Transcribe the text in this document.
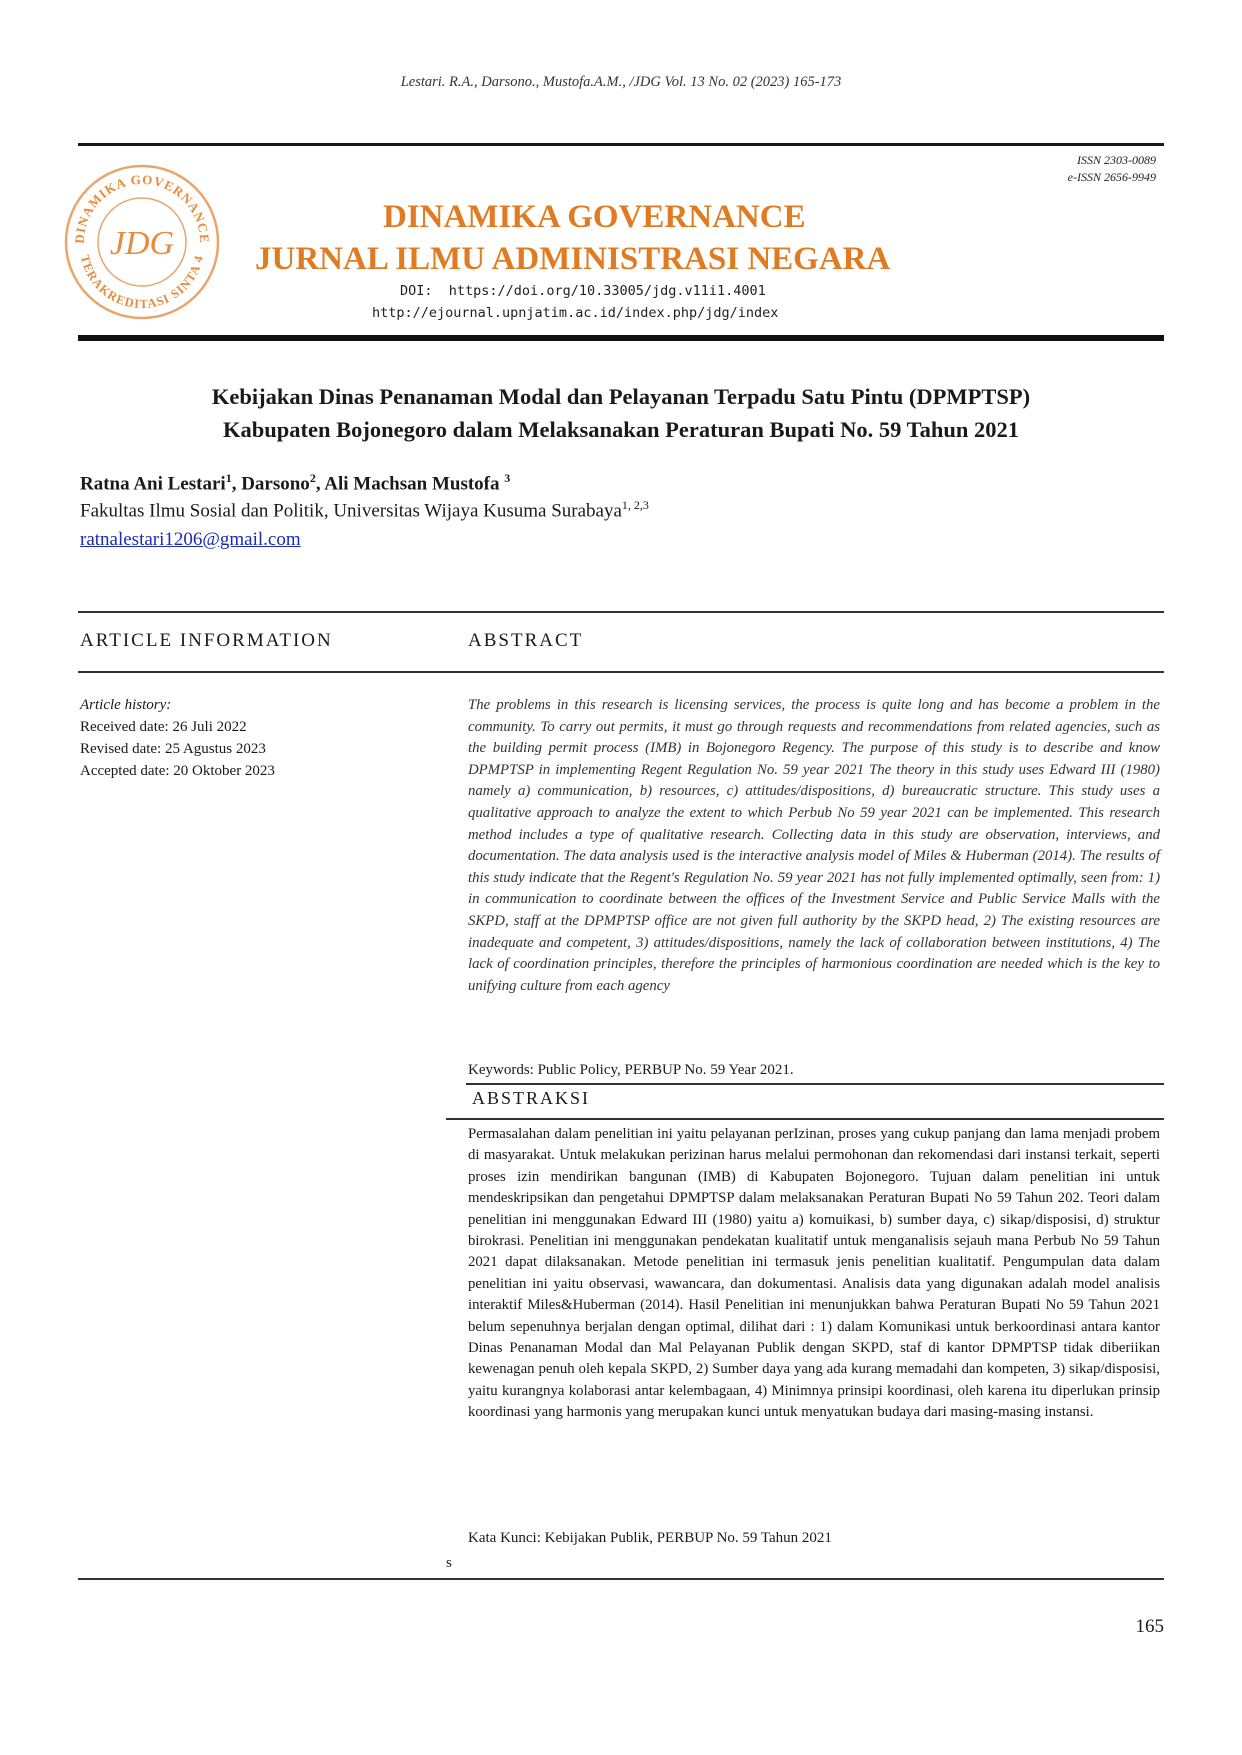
Lestari. R.A., Darsono., Mustofa.A.M., /JDG Vol. 13 No. 02 (2023) 165-173
ISSN 2303-0089
e-ISSN 2656-9949
DINAMIKA GOVERNANCE
TERAKREDITASI SINTA 4
JDG
DINAMIKA GOVERNANCE
JURNAL ILMU ADMINISTRASI NEGARA
DOI: https://doi.org/10.33005/jdg.v11i1.4001
http://ejournal.upnjatim.ac.id/index.php/jdg/index
Kebijakan Dinas Penanaman Modal dan Pelayanan Terpadu Satu Pintu (DPMPTSP)
Kabupaten Bojonegoro dalam Melaksanakan Peraturan Bupati No. 59 Tahun 2021
Ratna Ani Lestari$^1$, Darsono$^2$, Ali Machsan Mustofa $^3$
Fakultas Ilmu Sosial dan Politik, Universitas Wijaya Kusuma Surabaya$^{1, 2,3}$
ratnalestari1206@gmail.com
ARTICLE INFORMATION	ABSTRACT
Article history:
Received date: 26 Juli 2022
Revised date: 25 Agustus 2023
Accepted date: 20 Oktober 2023
The problems in this research is licensing services, the process is quite long and has become a problem in the community. To carry out permits, it must go through requests and recommendations from related agencies, such as the building permit process (IMB) in Bojonegoro Regency. The purpose of this study is to describe and know DPMPTSP in implementing Regent Regulation No. 59 year 2021 The theory in this study uses Edward III (1980) namely a) communication, b) resources, c) attitudes/dispositions, d) bureaucratic structure. This study uses a qualitative approach to analyze the extent to which Perbub No 59 year 2021 can be implemented. This research method includes a type of qualitative research. Collecting data in this study are observation, interviews, and documentation. The data analysis used is the interactive analysis model of Miles & Huberman (2014). The results of this study indicate that the Regent's Regulation No. 59 year 2021 has not fully implemented optimally, seen from: 1) in communication to coordinate between the offices of the Investment Service and Public Service Malls with the SKPD, staff at the DPMPTSP office are not given full authority by the SKPD head, 2) The existing resources are inadequate and competent, 3) attitudes/dispositions, namely the lack of collaboration between institutions, 4) The lack of coordination principles, therefore the principles of harmonious coordination are needed which is the key to unifying culture from each agency
Keywords: Public Policy, PERBUP No. 59 Year 2021.
ABSTRAKSI
Permasalahan dalam penelitian ini yaitu pelayanan perIzinan, proses yang cukup panjang dan lama menjadi probem di masyarakat. Untuk melakukan perizinan harus melalui permohonan dan rekomendasi dari instansi terkait, seperti proses izin mendirikan bangunan (IMB) di Kabupaten Bojonegoro. Tujuan dalam penelitian ini untuk mendeskripsikan dan pengetahui DPMPTSP dalam melaksanakan Peraturan Bupati No 59 Tahun 202. Teori dalam penelitian ini menggunakan Edward III (1980) yaitu a) komuikasi, b) sumber daya, c) sikap/disposisi, d) struktur birokrasi. Penelitian ini menggunakan pendekatan kualitatif untuk menganalisis sejauh mana Perbub No 59 Tahun 2021 dapat dilaksanakan. Metode penelitian ini termasuk jenis penelitian kualitatif. Pengumpulan data dalam penelitian ini yaitu observasi, wawancara, dan dokumentasi. Analisis data yang digunakan adalah model analisis interaktif Miles&Huberman (2014). Hasil Penelitian ini menunjukkan bahwa Peraturan Bupati No 59 Tahun 2021 belum sepenuhnya berjalan dengan optimal, dilihat dari : 1) dalam Komunikasi untuk berkoordinasi antara kantor Dinas Penanaman Modal dan Mal Pelayanan Publik dengan SKPD, staf di kantor DPMPTSP tidak diberiikan kewenagan penuh oleh kepala SKPD, 2) Sumber daya yang ada kurang memadahi dan kompeten, 3) sikap/disposisi, yaitu kurangnya kolaborasi antar kelembagaan, 4) Minimnya prinsipi koordinasi, oleh karena itu diperlukan prinsip koordinasi yang harmonis yang merupakan kunci untuk menyatukan budaya dari masing-masing instansi.
Kata Kunci: Kebijakan Publik, PERBUP No. 59 Tahun 2021
s
165
